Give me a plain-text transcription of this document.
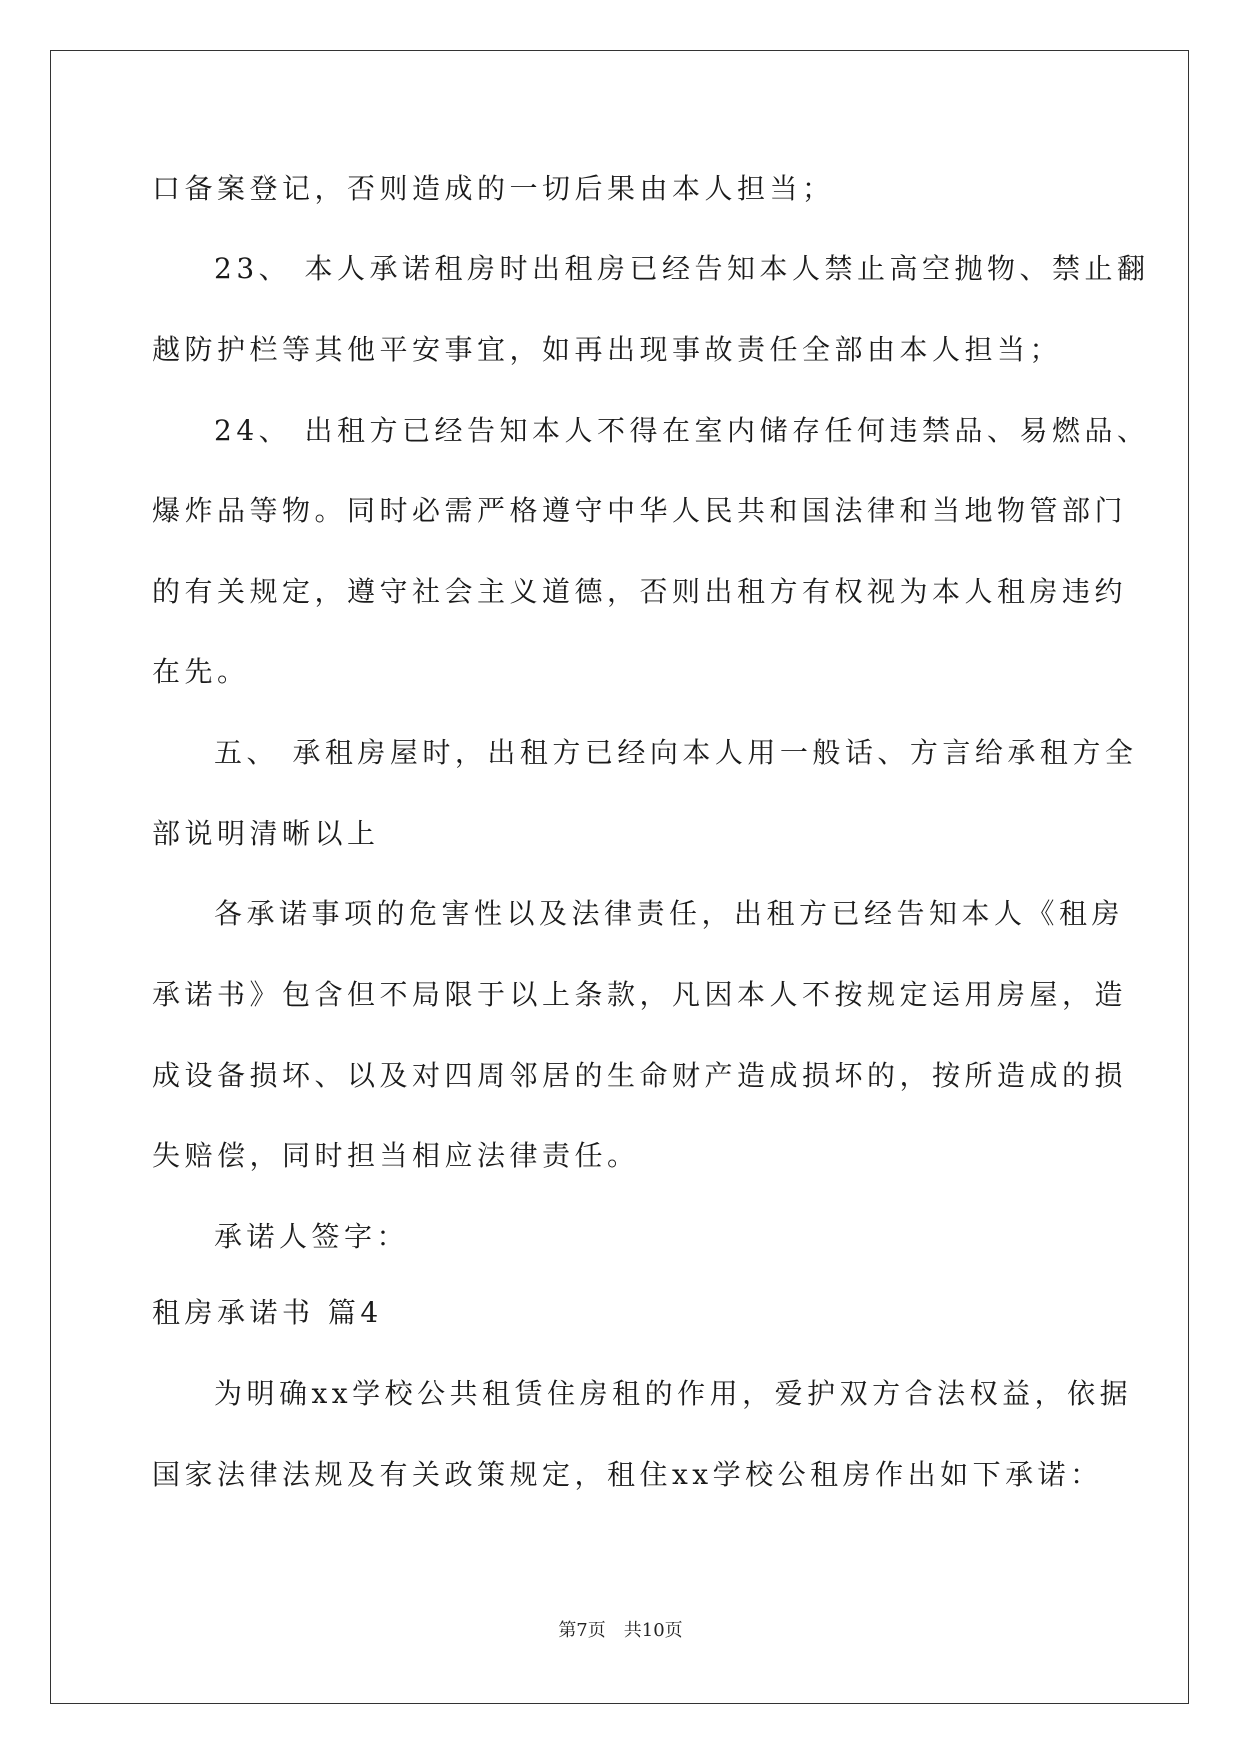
口备案登记，否则造成的一切后果由本人担当；
23、 本人承诺租房时出租房已经告知本人禁止高空抛物、禁止翻
越防护栏等其他平安事宜，如再出现事故责任全部由本人担当；
24、 出租方已经告知本人不得在室内储存任何违禁品、易燃品、
爆炸品等物。同时必需严格遵守中华人民共和国法律和当地物管部门
的有关规定，遵守社会主义道德，否则出租方有权视为本人租房违约
在先。
五、 承租房屋时，出租方已经向本人用一般话、方言给承租方全
部说明清晰以上
各承诺事项的危害性以及法律责任，出租方已经告知本人《租房
承诺书》包含但不局限于以上条款，凡因本人不按规定运用房屋，造
成设备损坏、以及对四周邻居的生命财产造成损坏的，按所造成的损
失赔偿，同时担当相应法律责任。
承诺人签字：
租房承诺书 篇4
为明确xx学校公共租赁住房租的作用，爱护双方合法权益，依据
国家法律法规及有关政策规定，租住xx学校公租房作出如下承诺：
第7页　共10页
